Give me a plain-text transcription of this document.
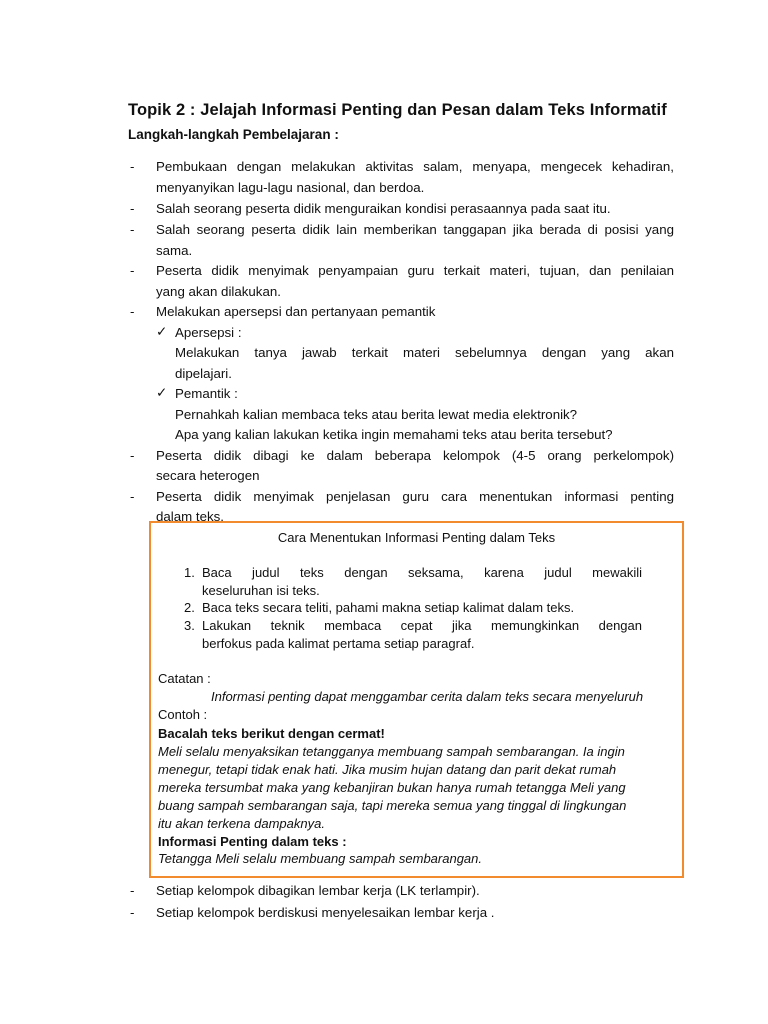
Topik 2 : Jelajah Informasi Penting dan Pesan dalam Teks Informatif
Langkah-langkah Pembelajaran :
- Pembukaan dengan melakukan aktivitas salam, menyapa, mengecek kehadiran,
menyanyikan lagu-lagu nasional, dan berdoa.
- Salah seorang peserta didik menguraikan kondisi perasaannya pada saat itu.
- Salah seorang peserta didik lain memberikan tanggapan jika berada di posisi yang
sama.
- Peserta didik menyimak penyampaian guru terkait materi, tujuan, dan penilaian
yang akan dilakukan.
- Melakukan apersepsi dan pertanyaan pemantik
✓ Apersepsi :
Melakukan tanya jawab terkait materi sebelumnya dengan yang akan
dipelajari.
✓ Pemantik :
Pernahkah kalian membaca teks atau berita lewat media elektronik?
Apa yang kalian lakukan ketika ingin memahami teks atau berita tersebut?
- Peserta didik dibagi ke dalam beberapa kelompok (4-5 orang perkelompok)
secara heterogen
- Peserta didik menyimak penjelasan guru cara menentukan informasi penting
dalam teks.
Cara Menentukan Informasi Penting dalam Teks
1. Baca judul teks dengan seksama, karena judul mewakili
keseluruhan isi teks.
2. Baca teks secara teliti, pahami makna setiap kalimat dalam teks.
3. Lakukan teknik membaca cepat jika memungkinkan dengan
berfokus pada kalimat pertama setiap paragraf.
Catatan :
Informasi penting dapat menggambar cerita dalam teks secara menyeluruh
Contoh :
Bacalah teks berikut dengan cermat!
Meli selalu menyaksikan tetangganya membuang sampah sembarangan. Ia ingin
menegur, tetapi tidak enak hati. Jika musim hujan datang dan parit dekat rumah
mereka tersumbat maka yang kebanjiran bukan hanya rumah tetangga Meli yang
buang sampah sembarangan saja, tapi mereka semua yang tinggal di lingkungan
itu akan terkena dampaknya.
Informasi Penting dalam teks :
Tetangga Meli selalu membuang sampah sembarangan.
- Setiap kelompok dibagikan lembar kerja (LK terlampir).
- Setiap kelompok berdiskusi menyelesaikan lembar kerja .
